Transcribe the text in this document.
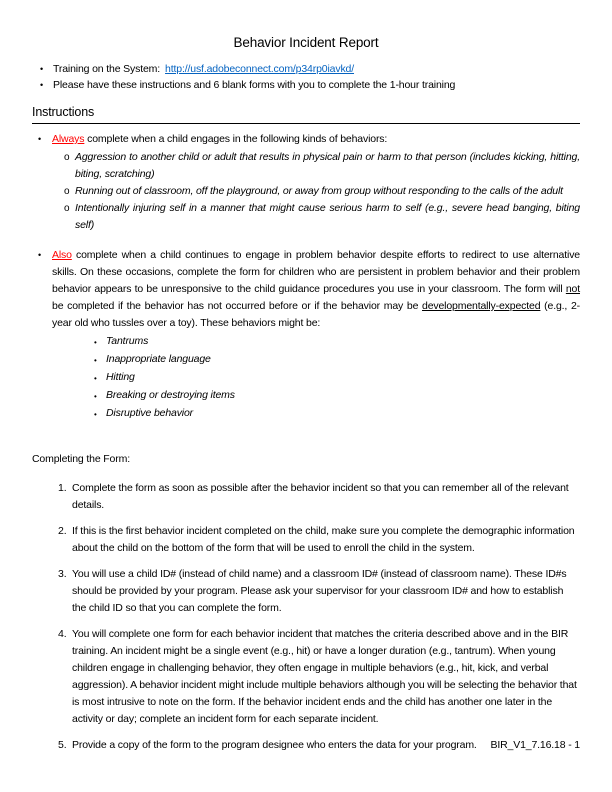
Behavior Incident Report
• Training on the System: http://usf.adobeconnect.com/p34rp0iavkd/
• Please have these instructions and 6 blank forms with you to complete the 1-hour training
Instructions
•	Always complete when a child engages in the following kinds of behaviors:
o Aggression to another child or adult that results in physical pain or harm to that person (includes kicking, hitting, biting, scratching)
o Running out of classroom, off the playground, or away from group without responding to the calls of the adult
o Intentionally injuring self in a manner that might cause serious harm to self (e.g., severe head banging, biting self)
•	Also complete when a child continues to engage in problem behavior despite efforts to redirect to use alternative skills. On these occasions, complete the form for children who are persistent in problem behavior and their problem behavior appears to be unresponsive to the child guidance procedures you use in your classroom. The form will not be completed if the behavior has not occurred before or if the behavior may be developmentally-expected (e.g., 2-year old who tussles over a toy). These behaviors might be:
• Tantrums
• Inappropriate language
• Hitting
• Breaking or destroying items
• Disruptive behavior
Completing the Form:
1. Complete the form as soon as possible after the behavior incident so that you can remember all of the relevant details.
2. If this is the first behavior incident completed on the child, make sure you complete the demographic information about the child on the bottom of the form that will be used to enroll the child in the system.
3. You will use a child ID# (instead of child name) and a classroom ID# (instead of classroom name). These ID#s should be provided by your program. Please ask your supervisor for your classroom ID# and how to establish the child ID so that you can complete the form.
4. You will complete one form for each behavior incident that matches the criteria described above and in the BIR training. An incident might be a single event (e.g., hit) or have a longer duration (e.g., tantrum). When young children engage in challenging behavior, they often engage in multiple behaviors (e.g., hit, kick, and verbal aggression). A behavior incident might include multiple behaviors although you will be selecting the behavior that is most intrusive to note on the form. If the behavior incident ends and the child has another one later in the activity or day; complete an incident form for each separate incident.
5. Provide a copy of the form to the program designee who enters the data for your program.	BIR_V1_7.16.18 - 1
